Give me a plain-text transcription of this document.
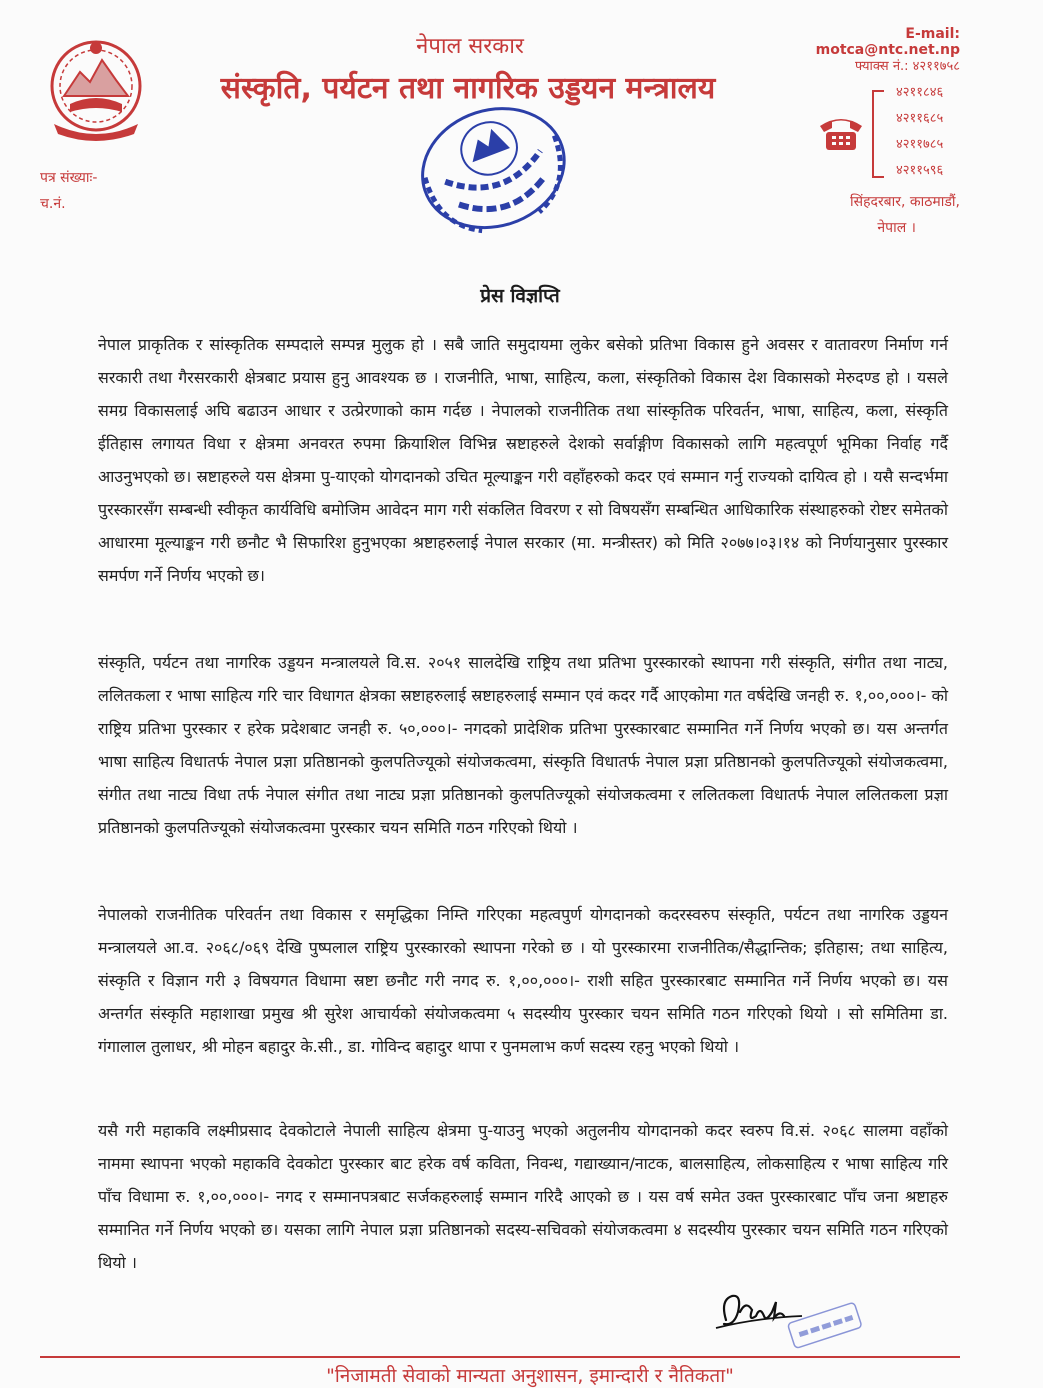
नेपाल सरकार
संस्कृति, पर्यटन तथा नागरिक उड्डयन मन्त्रालय
E-mail: motca@ntc.net.np
फ्याक्स नं.: ४२११७५८
४२११८४६
४२११६८५
४२११७८५
४२११५९६
सिंहदरबार, काठमाडौं,
नेपाल ।
पत्र संख्याः-
च.नं.
प्रेस विज्ञप्ति

नेपाल प्राकृतिक र सांस्कृतिक सम्पदाले सम्पन्न मुलुक हो । सबै जाति समुदायमा लुकेर बसेको प्रतिभा विकास हुने अवसर र वातावरण निर्माण गर्न सरकारी तथा गैरसरकारी क्षेत्रबाट प्रयास हुनु आवश्यक छ । राजनीति, भाषा, साहित्य, कला, संस्कृतिको विकास देश विकासको मेरुदण्ड हो । यसले समग्र विकासलाई अघि बढाउन आधार र उत्प्रेरणाको काम गर्दछ । नेपालको राजनीतिक तथा सांस्कृतिक परिवर्तन, भाषा, साहित्य, कला, संस्कृति ईतिहास लगायत विधा र क्षेत्रमा अनवरत रुपमा क्रियाशिल विभिन्न स्रष्टाहरुले देशको सर्वाङ्गीण विकासको लागि महत्वपूर्ण भूमिका निर्वाह गर्दै आउनुभएको छ। स्रष्टाहरुले यस क्षेत्रमा पु-याएको योगदानको उचित मूल्याङ्कन गरी वहाँहरुको कदर एवं सम्मान गर्नु राज्यको दायित्व हो । यसै सन्दर्भमा पुरस्कारसँग सम्बन्धी स्वीकृत कार्यविधि बमोजिम आवेदन माग गरी संकलित विवरण र सो विषयसँग सम्बन्धित आधिकारिक संस्थाहरुको रोष्टर समेतको आधारमा मूल्याङ्कन गरी छनौट भै सिफारिश हुनुभएका श्रष्टाहरुलाई नेपाल सरकार (मा. मन्त्रीस्तर) को मिति २०७७।०३।१४ को निर्णयानुसार पुरस्कार समर्पण गर्ने निर्णय भएको छ।

संस्कृति, पर्यटन तथा नागरिक उड्डयन मन्त्रालयले वि.स. २०५१ सालदेखि राष्ट्रिय तथा प्रतिभा पुरस्कारको स्थापना गरी संस्कृति, संगीत तथा नाट्य, ललितकला र भाषा साहित्य गरि चार विधागत क्षेत्रका स्रष्टाहरुलाई स्रष्टाहरुलाई सम्मान एवं कदर गर्दै आएकोमा गत वर्षदेखि जनही रु. १,००,०००।- को राष्ट्रिय प्रतिभा पुरस्कार र हरेक प्रदेशबाट जनही रु. ५०,०००।- नगदको प्रादेशिक प्रतिभा पुरस्कारबाट सम्मानित गर्ने निर्णय भएको छ। यस अन्तर्गत भाषा साहित्य विधातर्फ नेपाल प्रज्ञा प्रतिष्ठानको कुलपतिज्यूको संयोजकत्वमा, संस्कृति विधातर्फ नेपाल प्रज्ञा प्रतिष्ठानको कुलपतिज्यूको संयोजकत्वमा, संगीत तथा नाट्य विधा तर्फ नेपाल संगीत तथा नाट्य प्रज्ञा प्रतिष्ठानको कुलपतिज्यूको संयोजकत्वमा र ललितकला विधातर्फ नेपाल ललितकला प्रज्ञा प्रतिष्ठानको कुलपतिज्यूको संयोजकत्वमा पुरस्कार चयन समिति गठन गरिएको थियो ।

नेपालको राजनीतिक परिवर्तन तथा विकास र समृद्धिका निम्ति गरिएका महत्वपुर्ण योगदानको कदरस्वरुप संस्कृति, पर्यटन तथा नागरिक उड्डयन मन्त्रालयले आ.व. २०६८/०६९ देखि पुष्पलाल राष्ट्रिय पुरस्कारको स्थापना गरेको छ । यो पुरस्कारमा राजनीतिक/सैद्धान्तिक; इतिहास; तथा साहित्य, संस्कृति र विज्ञान गरी ३ विषयगत विधामा स्रष्टा छनौट गरी नगद रु. १,००,०००।- राशी सहित पुरस्कारबाट सम्मानित गर्ने निर्णय भएको छ। यस अन्तर्गत संस्कृति महाशाखा प्रमुख श्री सुरेश आचार्यको संयोजकत्वमा ५ सदस्यीय पुरस्कार चयन समिति गठन गरिएको थियो । सो समितिमा डा. गंगालाल तुलाधर, श्री मोहन बहादुर के.सी., डा. गोविन्द बहादुर थापा र पुनमलाभ कर्ण सदस्य रहनु भएको थियो ।

यसै गरी महाकवि लक्ष्मीप्रसाद देवकोटाले नेपाली साहित्य क्षेत्रमा पु-याउनु भएको अतुलनीय योगदानको कदर स्वरुप वि.सं. २०६८ सालमा वहाँको नाममा स्थापना भएको महाकवि देवकोटा पुरस्कार बाट हरेक वर्ष कविता, निवन्ध, गद्याख्यान/नाटक, बालसाहित्य, लोकसाहित्य र भाषा साहित्य गरि पाँच विधामा रु. १,००,०००।- नगद र सम्मानपत्रबाट सर्जकहरुलाई सम्मान गरिदै आएको छ । यस वर्ष समेत उक्त पुरस्कारबाट पाँच जना श्रष्टाहरु सम्मानित गर्ने निर्णय भएको छ। यसका लागि नेपाल प्रज्ञा प्रतिष्ठानको सदस्य-सचिवको संयोजकत्वमा ४ सदस्यीय पुरस्कार चयन समिति गठन गरिएको थियो ।

"निजामती सेवाको मान्यता अनुशासन, इमान्दारी र नैतिकता"
